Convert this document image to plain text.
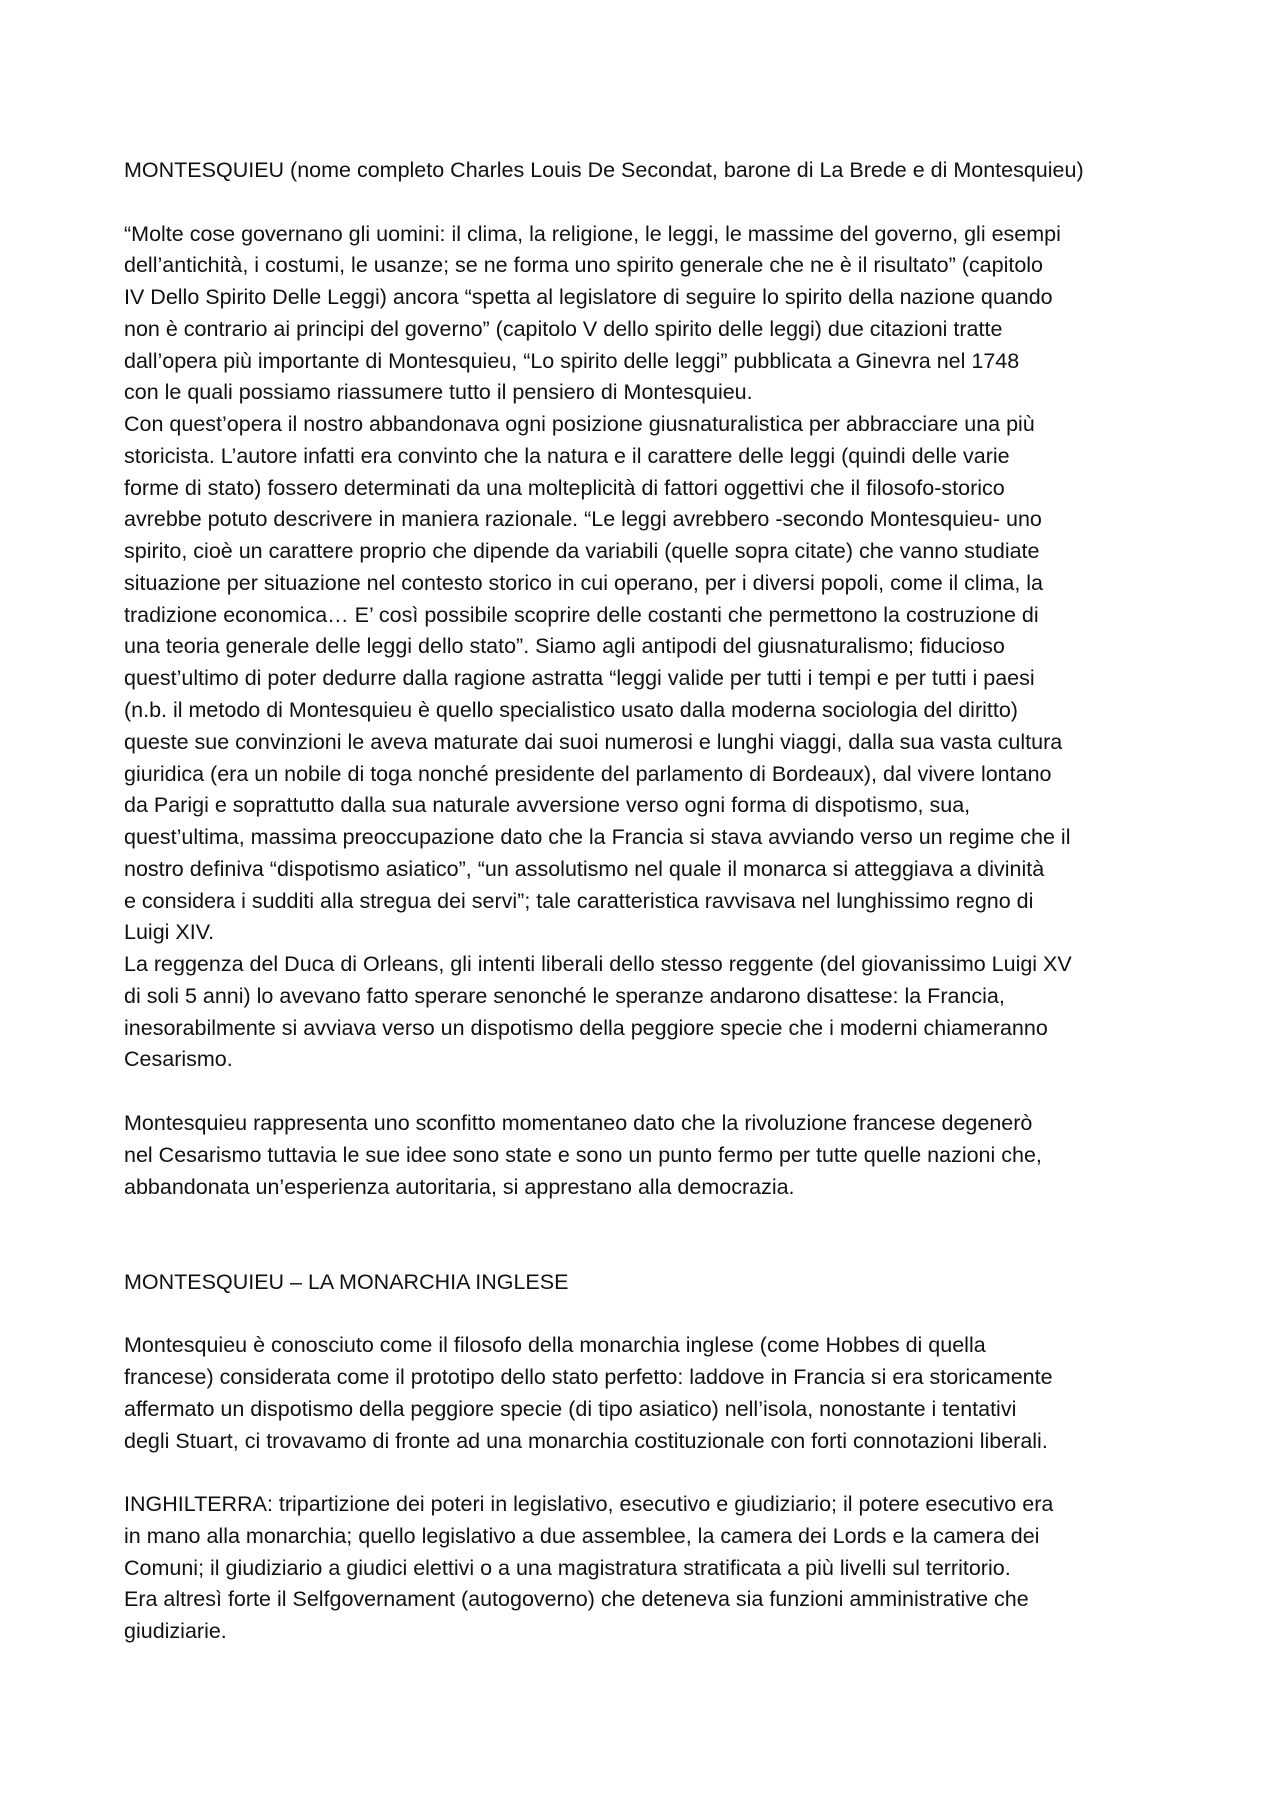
MONTESQUIEU (nome completo Charles Louis De Secondat, barone di La Brede e di Montesquieu)
“Molte cose governano gli uomini: il clima, la religione, le leggi, le massime del governo, gli esempi
dell’antichità, i costumi, le usanze; se ne forma uno spirito generale che ne è il risultato” (capitolo
IV Dello Spirito Delle Leggi) ancora “spetta al legislatore di seguire lo spirito della nazione quando
non è contrario ai principi del governo” (capitolo V dello spirito delle leggi) due citazioni tratte
dall’opera più importante di Montesquieu, “Lo spirito delle leggi” pubblicata a Ginevra nel 1748
con le quali possiamo riassumere tutto il pensiero di Montesquieu.
Con quest’opera il nostro abbandonava ogni posizione giusnaturalistica per abbracciare una più
storicista. L’autore infatti era convinto che la natura e il carattere delle leggi (quindi delle varie
forme di stato) fossero determinati da una molteplicità di fattori oggettivi che il filosofo-storico
avrebbe potuto descrivere in maniera razionale. “Le leggi avrebbero -secondo Montesquieu- uno
spirito, cioè un carattere proprio che dipende da variabili (quelle sopra citate) che vanno studiate
situazione per situazione nel contesto storico in cui operano, per i diversi popoli, come il clima, la
tradizione economica… E’ così possibile scoprire delle costanti che permettono la costruzione di
una teoria generale delle leggi dello stato”. Siamo agli antipodi del giusnaturalismo; fiducioso
quest’ultimo di poter dedurre dalla ragione astratta “leggi valide per tutti i tempi e per tutti i paesi
(n.b. il metodo di Montesquieu è quello specialistico usato dalla moderna sociologia del diritto)
queste sue convinzioni le aveva maturate dai suoi numerosi e lunghi viaggi, dalla sua vasta cultura
giuridica (era un nobile di toga nonché presidente del parlamento di Bordeaux), dal vivere lontano
da Parigi e soprattutto dalla sua naturale avversione verso ogni forma di dispotismo, sua,
quest’ultima, massima preoccupazione dato che la Francia si stava avviando verso un regime che il
nostro definiva “dispotismo asiatico”, “un assolutismo nel quale il monarca si atteggiava a divinità
e considera i sudditi alla stregua dei servi”; tale caratteristica ravvisava nel lunghissimo regno di
Luigi XIV.
La reggenza del Duca di Orleans, gli intenti liberali dello stesso reggente (del giovanissimo Luigi XV
di soli 5 anni) lo avevano fatto sperare senonché le speranze andarono disattese: la Francia,
inesorabilmente si avviava verso un dispotismo della peggiore specie che i moderni chiameranno
Cesarismo.
Montesquieu rappresenta uno sconfitto momentaneo dato che la rivoluzione francese degenerò
nel Cesarismo tuttavia le sue idee sono state e sono un punto fermo per tutte quelle nazioni che,
abbandonata un’esperienza autoritaria, si apprestano alla democrazia.
MONTESQUIEU – LA MONARCHIA INGLESE
Montesquieu è conosciuto come il filosofo della monarchia inglese (come Hobbes di quella
francese) considerata come il prototipo dello stato perfetto: laddove in Francia si era storicamente
affermato un dispotismo della peggiore specie (di tipo asiatico) nell’isola, nonostante i tentativi
degli Stuart, ci trovavamo di fronte ad una monarchia costituzionale con forti connotazioni liberali.
INGHILTERRA: tripartizione dei poteri in legislativo, esecutivo e giudiziario; il potere esecutivo era
in mano alla monarchia; quello legislativo a due assemblee, la camera dei Lords e la camera dei
Comuni; il giudiziario a giudici elettivi o a una magistratura stratificata a più livelli sul territorio.
Era altresì forte il Selfgovernament (autogoverno) che deteneva sia funzioni amministrative che
giudiziarie.
